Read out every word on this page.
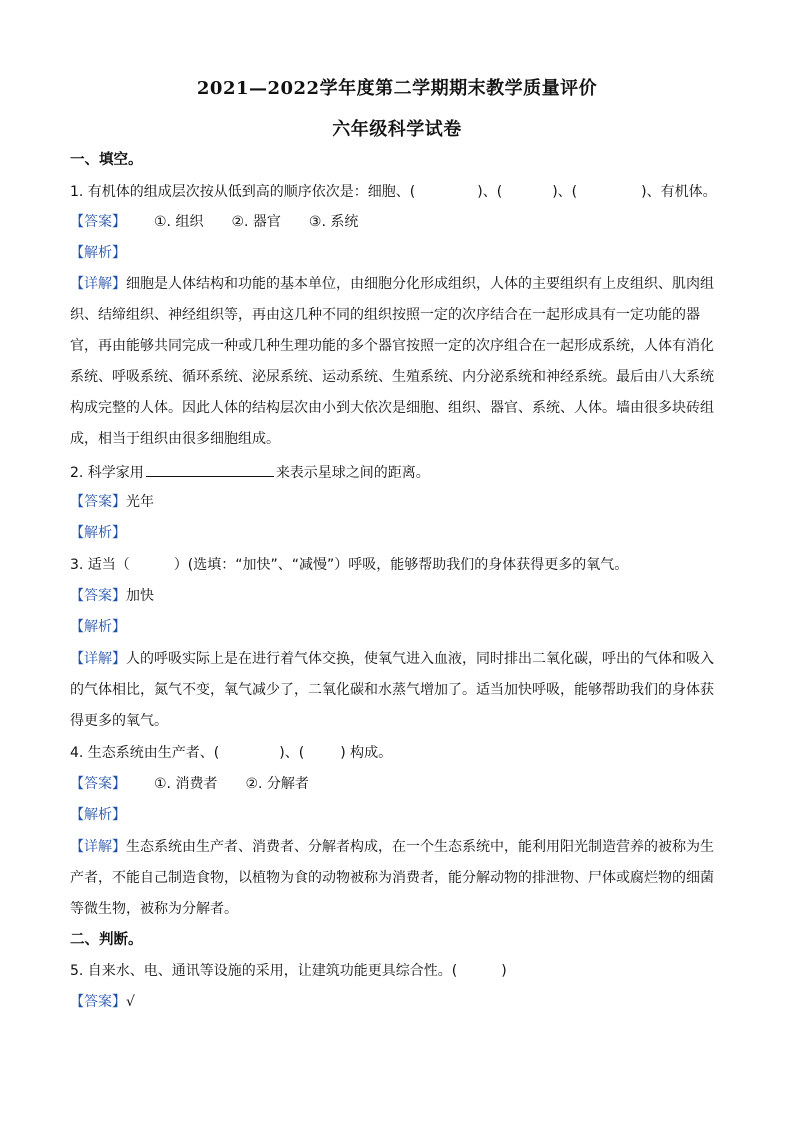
2021—2022学年度第二学期期末教学质量评价
六年级科学试卷
一、填空。
1. 有机体的组成层次按从低到高的顺序依次是：细胞、(	)、(	)、(	)、有机体。
【答案】 ①. 组织　　②. 器官　　③. 系统
【解析】
【详解】细胞是人体结构和功能的基本单位，由细胞分化形成组织，人体的主要组织有上皮组织、肌肉组
织、结缔组织、神经组织等，再由这几种不同的组织按照一定的次序结合在一起形成具有一定功能的器
官，再由能够共同完成一种或几种生理功能的多个器官按照一定的次序组合在一起形成系统，人体有消化
系统、呼吸系统、循环系统、泌尿系统、运动系统、生殖系统、内分泌系统和神经系统。最后由八大系统
构成完整的人体。因此人体的结构层次由小到大依次是细胞、组织、器官、系统、人体。墙由很多块砖组
成，相当于组织由很多细胞组成。
2. 科学家用	来表示星球之间的距离。
【答案】光年
【解析】
3. 适当（	）(选填：“加快”、“减慢”）呼吸，能够帮助我们的身体获得更多的氧气。
【答案】加快
【解析】
【详解】人的呼吸实际上是在进行着气体交换，使氧气进入血液，同时排出二氧化碳，呼出的气体和吸入
的气体相比，氮气不变，氧气减少了，二氧化碳和水蒸气增加了。适当加快呼吸，能够帮助我们的身体获
得更多的氧气。
4. 生态系统由生产者、(	)、(	) 构成。
【答案】 ①. 消费者　　②. 分解者
【解析】
【详解】生态系统由生产者、消费者、分解者构成，在一个生态系统中，能利用阳光制造营养的被称为生
产者，不能自己制造食物，以植物为食的动物被称为消费者，能分解动物的排泄物、尸体或腐烂物的细菌
等微生物，被称为分解者。
二、判断。
5. 自来水、电、通讯等设施的采用，让建筑功能更具综合性。(	)
【答案】√
